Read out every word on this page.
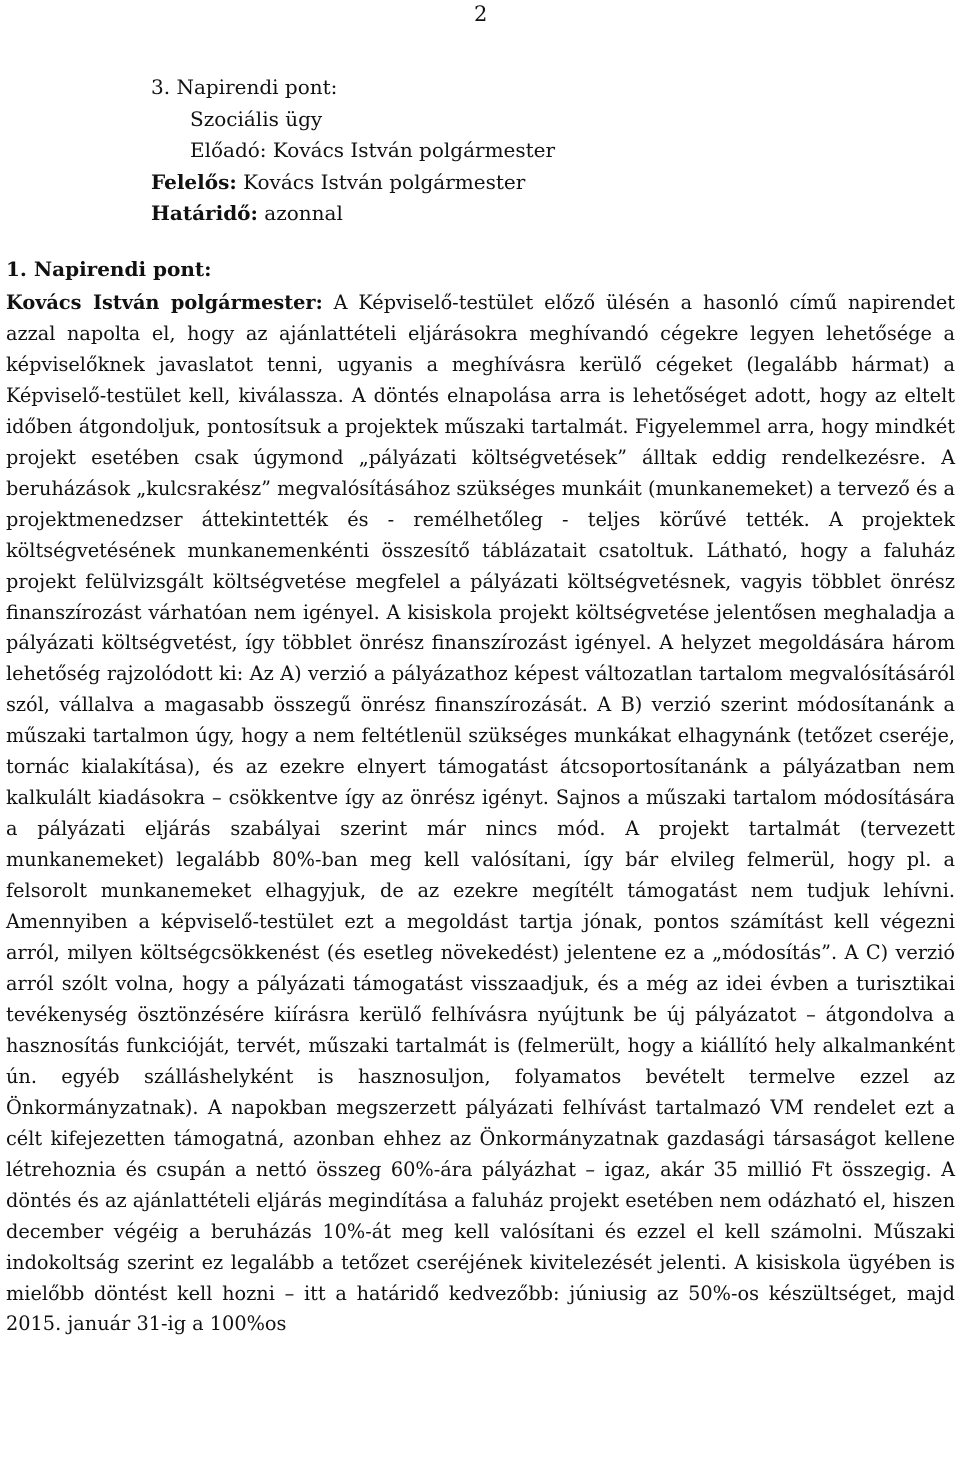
2
3. Napirendi pont:
Szociális ügy
Előadó: Kovács István polgármester
Felelős: Kovács István polgármester
Határidő: azonnal
1. Napirendi pont:
Kovács István polgármester: A Képviselő-testület előző ülésén a hasonló című napirendet azzal napolta el, hogy az ajánlattételi eljárásokra meghívandó cégekre legyen lehetősége a képviselőknek javaslatot tenni, ugyanis a meghívásra kerülő cégeket (legalább hármat) a Képviselő-testület kell, kiválassza. A döntés elnapolása arra is lehetőséget adott, hogy az eltelt időben átgondoljuk, pontosítsuk a projektek műszaki tartalmát. Figyelemmel arra, hogy mindkét projekt esetében csak úgymond „pályázati költségvetések” álltak eddig rendelkezésre. A beruházások „kulcsrakész” megvalósításához szükséges munkáit (munkanemeket) a tervező és a projektmenedzser áttekintették és - remélhetőleg - teljes körűvé tették. A projektek költségvetésének munkanemenkénti összesítő táblázatait csatoltuk. Látható, hogy a faluház projekt felülvizsgált költségvetése megfelel a pályázati költségvetésnek, vagyis többlet önrész finanszírozást várhatóan nem igényel. A kisiskola projekt költségvetése jelentősen meghaladja a pályázati költségvetést, így többlet önrész finanszírozást igényel. A helyzet megoldására három lehetőség rajzolódott ki: Az A) verzió a pályázathoz képest változatlan tartalom megvalósításáról szól, vállalva a magasabb összegű önrész finanszírozását. A B) verzió szerint módosítanánk a műszaki tartalmon úgy, hogy a nem feltétlenül szükséges munkákat elhagynánk (tetőzet cseréje, tornác kialakítása), és az ezekre elnyert támogatást átcsoportosítanánk a pályázatban nem kalkulált kiadásokra – csökkentve így az önrész igényt. Sajnos a műszaki tartalom módosítására a pályázati eljárás szabályai szerint már nincs mód. A projekt tartalmát (tervezett munkanemeket) legalább 80%-ban meg kell valósítani, így bár elvileg felmerül, hogy pl. a felsorolt munkanemeket elhagyjuk, de az ezekre megítélt támogatást nem tudjuk lehívni. Amennyiben a képviselő-testület ezt a megoldást tartja jónak, pontos számítást kell végezni arról, milyen költségcsökkenést (és esetleg növekedést) jelentene ez a „módosítás”. A C) verzió arról szólt volna, hogy a pályázati támogatást visszaadjuk, és a még az idei évben a turisztikai tevékenység ösztönzésére kiírásra kerülő felhívásra nyújtunk be új pályázatot – átgondolva a hasznosítás funkcióját, tervét, műszaki tartalmát is (felmerült, hogy a kiállító hely alkalmanként ún. egyéb szálláshelyként is hasznosuljon, folyamatos bevételt termelve ezzel az Önkormányzatnak). A napokban megszerzett pályázati felhívást tartalmazó VM rendelet ezt a célt kifejezetten támogatná, azonban ehhez az Önkormányzatnak gazdasági társaságot kellene létrehoznia és csupán a nettó összeg 60%-ára pályázhat – igaz, akár 35 millió Ft összegig. A döntés és az ajánlattételi eljárás megindítása a faluház projekt esetében nem odázható el, hiszen december végéig a beruházás 10%-át meg kell valósítani és ezzel el kell számolni. Műszaki indokoltság szerint ez legalább a tetőzet cseréjének kivitelezését jelenti. A kisiskola ügyében is mielőbb döntést kell hozni – itt a határidő kedvezőbb: júniusig az 50%-os készültséget, majd 2015. január 31-ig a 100%os
